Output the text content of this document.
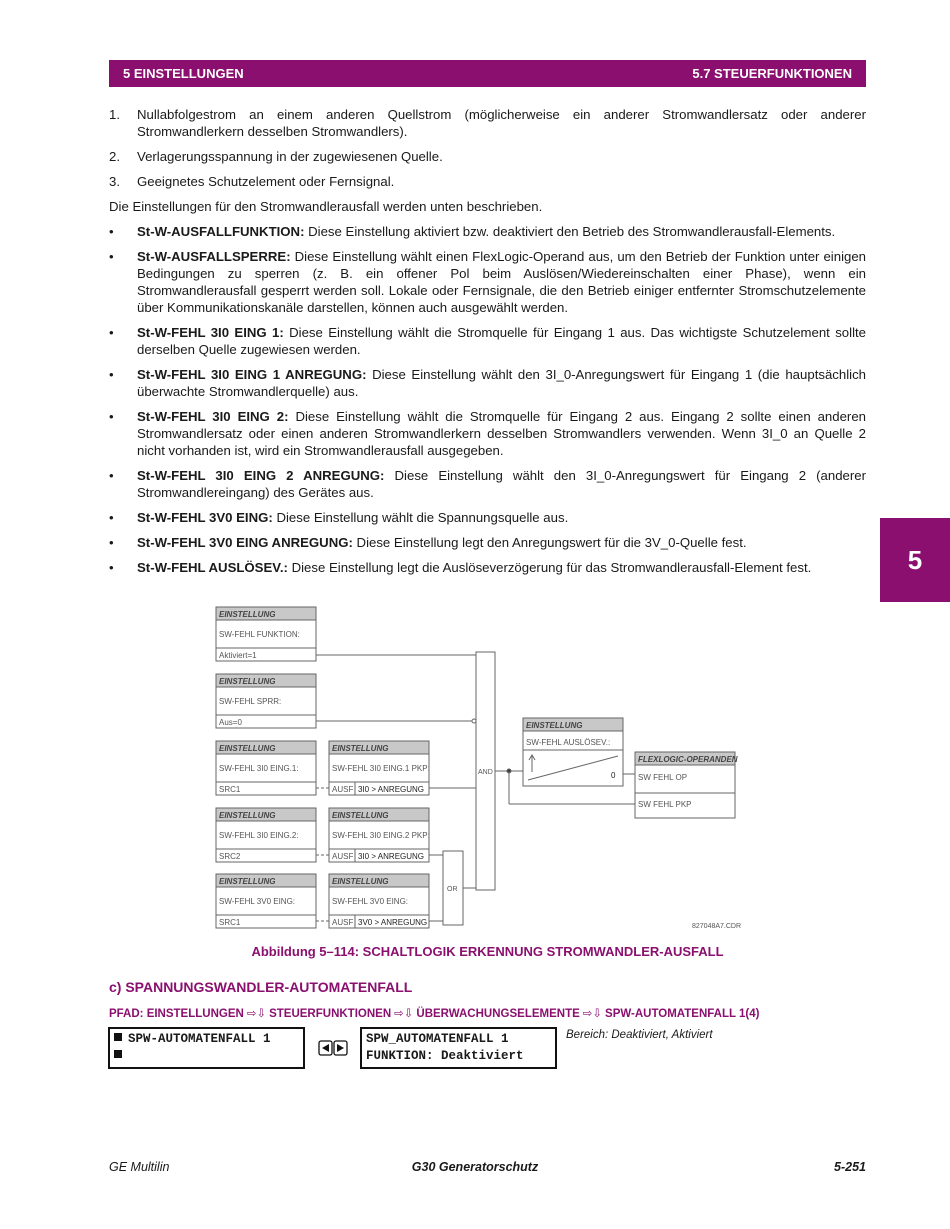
5 EINSTELLUNGEN	5.7 STEUERFUNKTIONEN
5
1. Nullabfolgestrom an einem anderen Quellstrom (möglicherweise ein anderer Stromwandlersatz oder anderer Stromwandlerkern desselben Stromwandlers).
2. Verlagerungsspannung in der zugewiesenen Quelle.
3. Geeignetes Schutzelement oder Fernsignal.
Die Einstellungen für den Stromwandlerausfall werden unten beschrieben.
• St-W-AUSFALLFUNKTION: Diese Einstellung aktiviert bzw. deaktiviert den Betrieb des Stromwandlerausfall-Elements.
• St-W-AUSFALLSPERRE: Diese Einstellung wählt einen FlexLogic-Operand aus, um den Betrieb der Funktion unter einigen Bedingungen zu sperren (z. B. ein offener Pol beim Auslösen/Wiedereinschalten einer Phase), wenn ein Stromwandlerausfall gesperrt werden soll. Lokale oder Fernsignale, die den Betrieb einiger entfernter Stromschutzelemente über Kommunikationskanäle darstellen, können auch ausgewählt werden.
• St-W-FEHL 3I0 EING 1: Diese Einstellung wählt die Stromquelle für Eingang 1 aus. Das wichtigste Schutzelement sollte derselben Quelle zugewiesen werden.
• St-W-FEHL 3I0 EING 1 ANREGUNG: Diese Einstellung wählt den 3I_0-Anregungswert für Eingang 1 (die hauptsächlich überwachte Stromwandlerquelle) aus.
• St-W-FEHL 3I0 EING 2: Diese Einstellung wählt die Stromquelle für Eingang 2 aus. Eingang 2 sollte einen anderen Stromwandlersatz oder einen anderen Stromwandlerkern desselben Stromwandlers verwenden. Wenn 3I_0 an Quelle 2 nicht vorhanden ist, wird ein Stromwandlerausfall ausgegeben.
• St-W-FEHL 3I0 EING 2 ANREGUNG: Diese Einstellung wählt den 3I_0-Anregungswert für Eingang 2 (anderer Stromwandlereingang) des Gerätes aus.
• St-W-FEHL 3V0 EING: Diese Einstellung wählt die Spannungsquelle aus.
• St-W-FEHL 3V0 EING ANREGUNG: Diese Einstellung legt den Anregungswert für die 3V_0-Quelle fest.
• St-W-FEHL AUSLÖSEV.: Diese Einstellung legt die Auslöseverzögerung für das Stromwandlerausfall-Element fest.
EINSTELLUNG
SW-FEHL FUNKTION:
Aktiviert=1
EINSTELLUNG
SW-FEHL SPRR:
Aus=0
EINSTELLUNG
SW-FEHL 3I0 EING.1:
SRC1
EINSTELLUNG
SW-FEHL 3I0 EING.1 PKP:
AUSF 3I0 > ANREGUNG
EINSTELLUNG
SW-FEHL 3I0 EING.2:
SRC2
EINSTELLUNG
SW-FEHL 3I0 EING.2 PKP:
AUSF 3I0 > ANREGUNG
EINSTELLUNG
SW-FEHL 3V0 EING:
SRC1
EINSTELLUNG
SW-FEHL 3V0 EING:
AUSF 3V0 > ANREGUNG
AND
OR
EINSTELLUNG
SW-FEHL AUSLÖSEV.:
0
FLEXLOGIC-OPERANDEN
SW FEHL OP
SW FEHL PKP
827048A7.CDR
Abbildung 5–114: SCHALTLOGIK ERKENNUNG STROMWANDLER-AUSFALL
c) SPANNUNGSWANDLER-AUTOMATENFALL
PFAD: EINSTELLUNGEN ⇨⇩ STEUERFUNKTIONEN ⇨⇩ ÜBERWACHUNGSELEMENTE ⇨⇩ SPW-AUTOMATENFALL 1(4)
SPW-AUTOMATENFALL 1	SPW_AUTOMATENFALL 1
FUNKTION: Deaktiviert
Bereich: Deaktiviert, Aktiviert
GE Multilin	G30 Generatorschutz	5-251
